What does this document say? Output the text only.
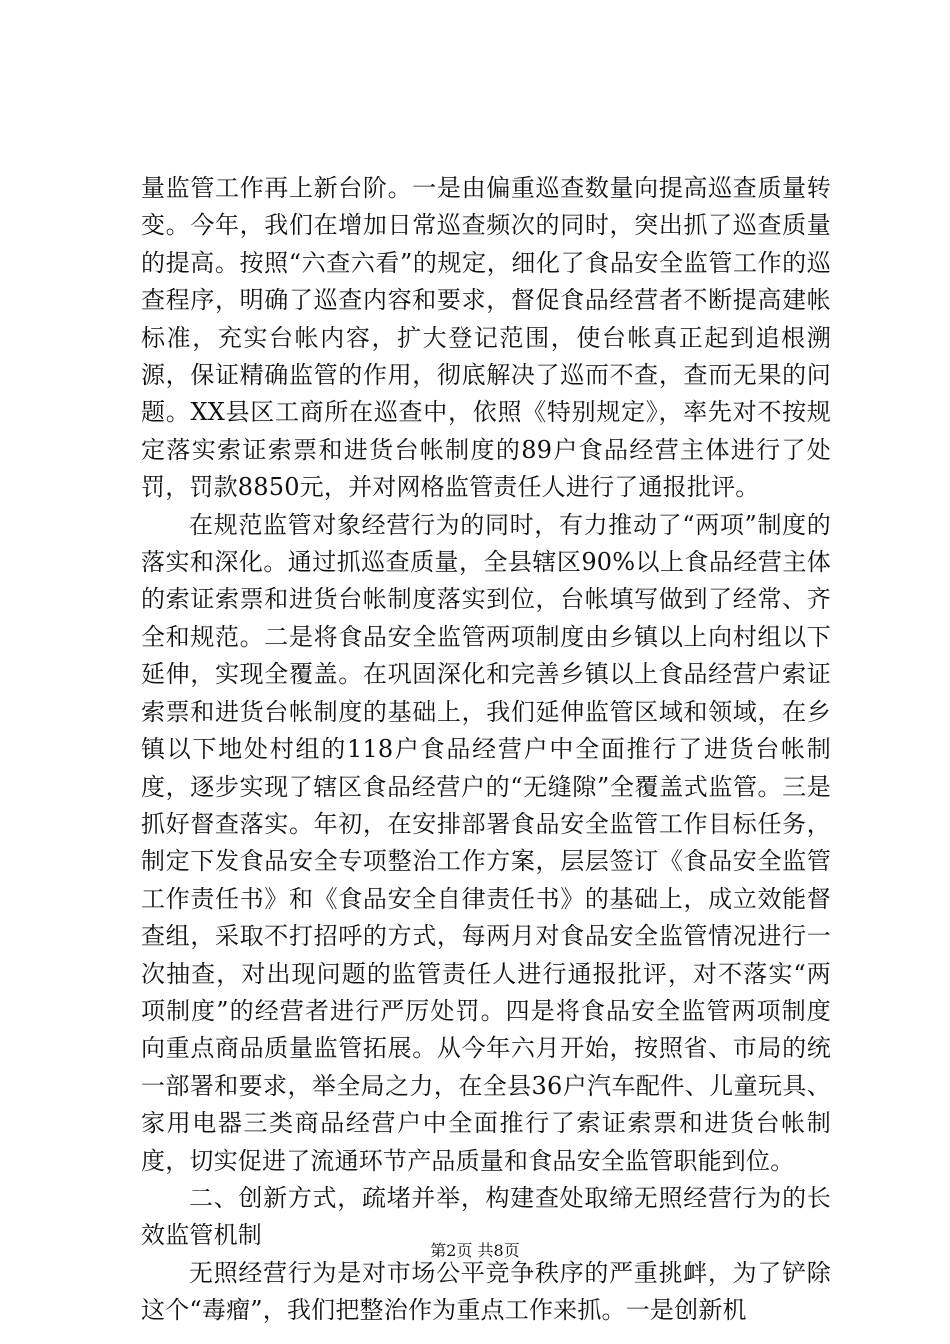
量监管工作再上新台阶。一是由偏重巡查数量向提高巡查质量转变。今年，我们在增加日常巡查频次的同时，突出抓了巡查质量的提高。按照“六查六看”的规定，细化了食品安全监管工作的巡查程序，明确了巡查内容和要求，督促食品经营者不断提高建帐标准，充实台帐内容，扩大登记范围，使台帐真正起到追根溯源，保证精确监管的作用，彻底解决了巡而不查，查而无果的问题。XX县区工商所在巡查中，依照《特别规定》，率先对不按规定落实索证索票和进货台帐制度的89户食品经营主体进行了处罚，罚款8850元，并对网格监管责任人进行了通报批评。

在规范监管对象经营行为的同时，有力推动了“两项”制度的落实和深化。通过抓巡查质量，全县辖区90%以上食品经营主体的索证索票和进货台帐制度落实到位，台帐填写做到了经常、齐全和规范。二是将食品安全监管两项制度由乡镇以上向村组以下延伸，实现全覆盖。在巩固深化和完善乡镇以上食品经营户索证索票和进货台帐制度的基础上，我们延伸监管区域和领域，在乡镇以下地处村组的118户食品经营户中全面推行了进货台帐制度，逐步实现了辖区食品经营户的“无缝隙”全覆盖式监管。三是抓好督查落实。年初，在安排部署食品安全监管工作目标任务，制定下发食品安全专项整治工作方案，层层签订《食品安全监管工作责任书》和《食品安全自律责任书》的基础上，成立效能督查组，采取不打招呼的方式，每两月对食品安全监管情况进行一次抽查，对出现问题的监管责任人进行通报批评，对不落实“两项制度”的经营者进行严厉处罚。四是将食品安全监管两项制度向重点商品质量监管拓展。从今年六月开始，按照省、市局的统一部署和要求，举全局之力，在全县36户汽车配件、儿童玩具、家用电器三类商品经营户中全面推行了索证索票和进货台帐制度，切实促进了流通环节产品质量和食品安全监管职能到位。

二、创新方式，疏堵并举，构建查处取缔无照经营行为的长效监管机制

无照经营行为是对市场公平竞争秩序的严重挑衅，为了铲除这个“毒瘤”，我们把整治作为重点工作来抓。一是创新机

第2页 共8页
